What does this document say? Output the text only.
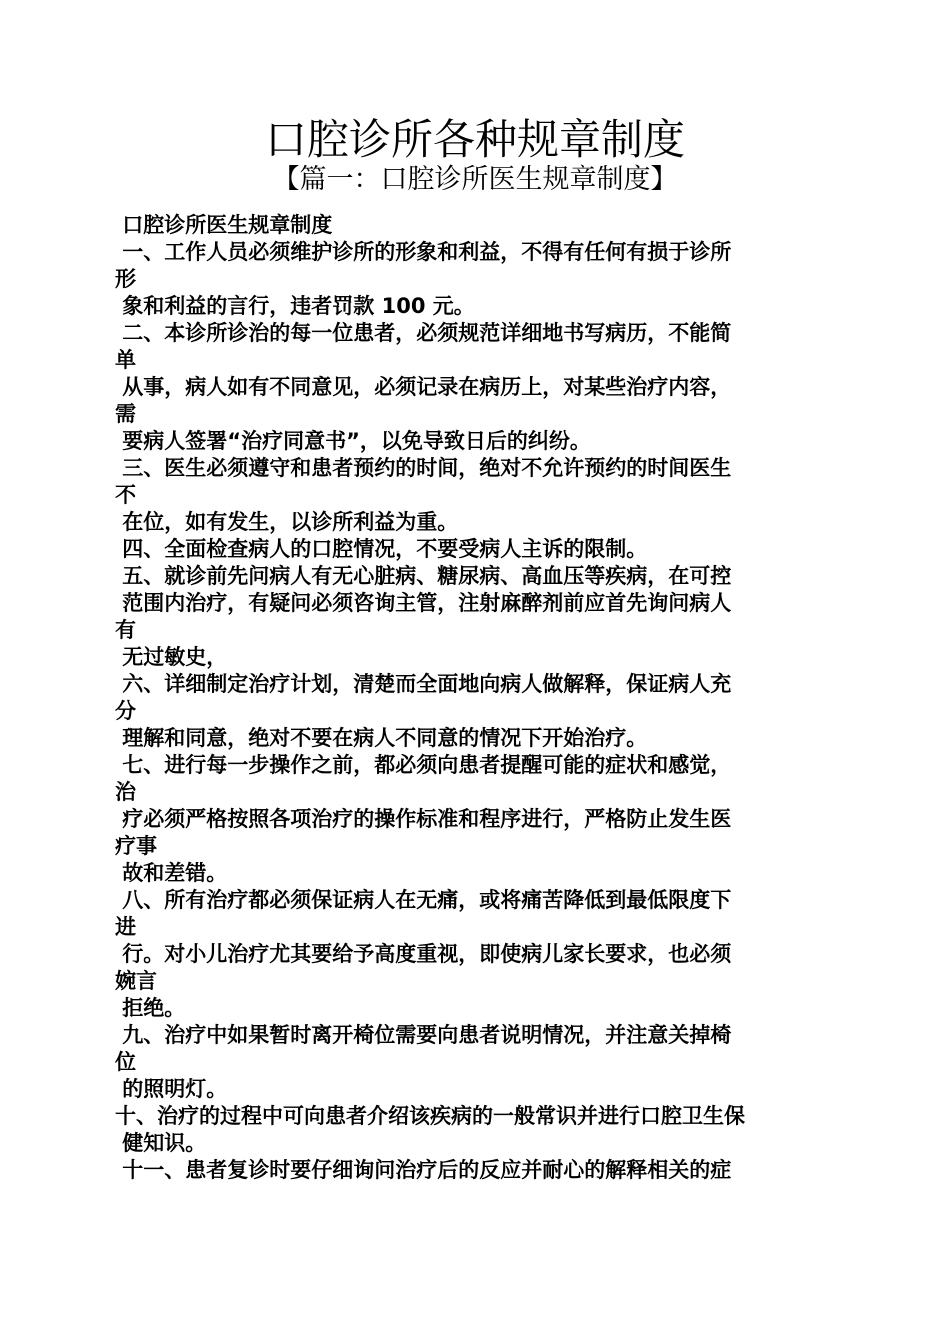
口腔诊所各种规章制度
【篇一：口腔诊所医生规章制度】
口腔诊所医生规章制度
一、工作人员必须维护诊所的形象和利益，不得有任何有损于诊所
形
象和利益的言行，违者罚款 100 元。
二、本诊所诊治的每一位患者，必须规范详细地书写病历，不能简
单
从事，病人如有不同意见，必须记录在病历上，对某些治疗内容，
需
要病人签署“治疗同意书”，以免导致日后的纠纷。
三、医生必须遵守和患者预约的时间，绝对不允许预约的时间医生
不
在位，如有发生，以诊所利益为重。
四、全面检查病人的口腔情况，不要受病人主诉的限制。
五、就诊前先问病人有无心脏病、糖尿病、高血压等疾病，在可控
范围内治疗，有疑问必须咨询主管，注射麻醉剂前应首先询问病人
有
无过敏史，
六、详细制定治疗计划，清楚而全面地向病人做解释，保证病人充
分
理解和同意，绝对不要在病人不同意的情况下开始治疗。
七、进行每一步操作之前，都必须向患者提醒可能的症状和感觉，
治
疗必须严格按照各项治疗的操作标准和程序进行，严格防止发生医
疗事
故和差错。
八、所有治疗都必须保证病人在无痛，或将痛苦降低到最低限度下
进
行。对小儿治疗尤其要给予高度重视，即使病儿家长要求，也必须
婉言
拒绝。
九、治疗中如果暂时离开椅位需要向患者说明情况，并注意关掉椅
位
的照明灯。
十、治疗的过程中可向患者介绍该疾病的一般常识并进行口腔卫生保
健知识。
十一、患者复诊时要仔细询问治疗后的反应并耐心的解释相关的症
